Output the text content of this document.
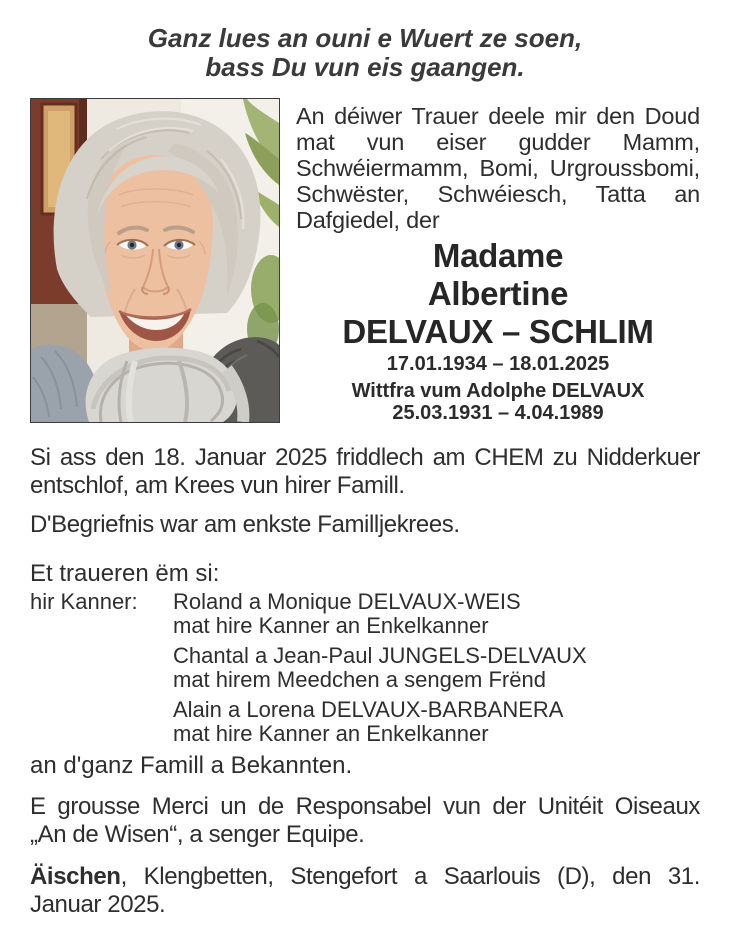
Ganz lues an ouni e Wuert ze soen,
bass Du vun eis gaangen.
An déiwer Trauer deele mir den Doud
mat vun eiser gudder Mamm,
Schwéiermamm, Bomi, Urgroussbomi,
Schwëster, Schwéiesch, Tatta an
Dafgiedel, der
Madame
Albertine
DELVAUX – SCHLIM
17.01.1934 – 18.01.2025
Wittfra vum Adolphe DELVAUX
25.03.1931 – 4.04.1989
Si ass den 18. Januar 2025 friddlech am CHEM zu Nidderkuer
entschlof, am Krees vun hirer Famill.
D'Begriefnis war am enkste Familljekrees.
Et traueren ëm si:
hir Kanner:	Roland a Monique DELVAUX-WEIS
mat hire Kanner an Enkelkanner
Chantal a Jean-Paul JUNGELS-DELVAUX
mat hirem Meedchen a sengem Frënd
Alain a Lorena DELVAUX-BARBANERA
mat hire Kanner an Enkelkanner
an d'ganz Famill a Bekannten.
E grousse Merci un de Responsabel vun der Unitéit Oiseaux
„An de Wisen“, a senger Equipe.
Äischen, Klengbetten, Stengefort a Saarlouis (D), den 31.
Januar 2025.
